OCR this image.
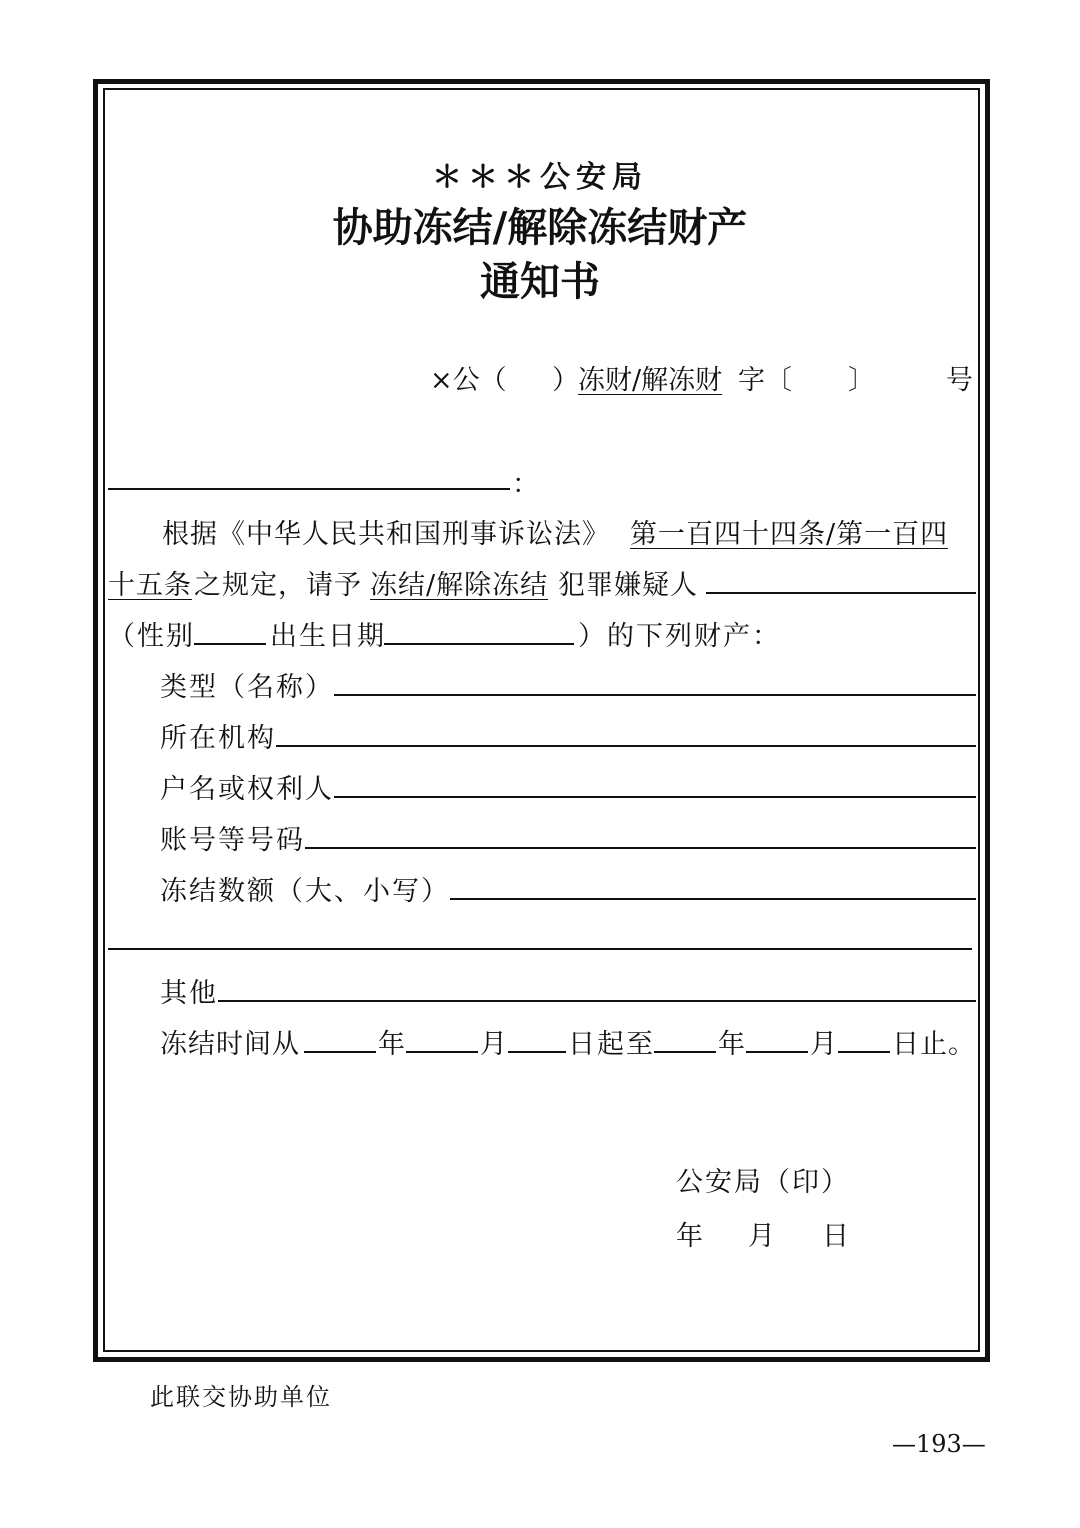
＊＊＊公安局
协助冻结/解除冻结财产
通知书
×公（ ） 冻财/解冻财 字〔 〕	号
：
根据《中华人民共和国刑事诉讼法》 第一百四十四条/第一百四
十五条 之规定，请予 冻结/解除冻结 犯罪嫌疑人
（性别	出生日期	）的下列财产：
类型（名称）
所在机构
户名或权利人
账号等号码
冻结数额（大、小写）
其他
冻结时间从	年	月 日起至 年 月 日止。
公安局（印）
年 月 日
此联交协助单位
—193—
